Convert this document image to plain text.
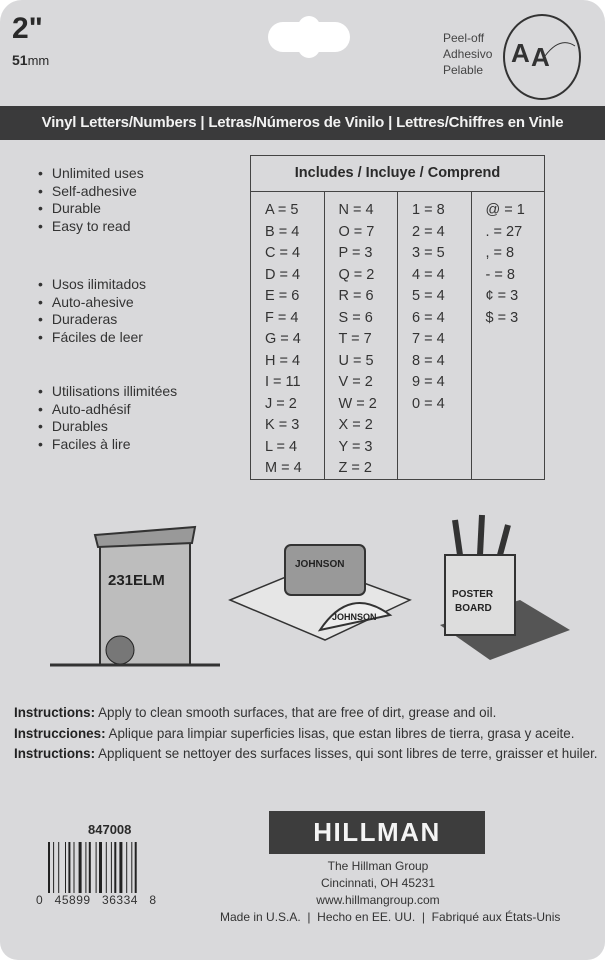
2"
51mm
Peel-off
Adhesivo
Pelable
A A
Vinyl Letters/Numbers | Letras/Números de Vinilo | Lettres/Chiffres en Vinle
• Unlimited uses
• Self-adhesive
• Durable
• Easy to read
• Usos ilimitados
• Auto-ahesive
• Duraderas
• Fáciles de leer
• Utilisations illimitées
• Auto-adhésif
• Durables
• Faciles à lire
Includes / Incluye / Comprend
A = 5
B = 4
C = 4
D = 4
E = 6
F = 4
G = 4
H = 4
I = 11
J = 2
K = 3
L = 4
M = 4
N = 4
O = 7
P = 3
Q = 2
R = 6
S = 6
T = 7
U = 5
V = 2
W = 2
X = 2
Y = 3
Z = 2
1 = 8
2 = 4
3 = 5
4 = 4
5 = 4
6 = 4
7 = 4
8 = 4
9 = 4
0 = 4
@ = 1
. = 27
, = 8
- = 8
¢ = 3
$ = 3
231ELM
JOHNSON
JOHNSON
POSTER
BOARD
Instructions: Apply to clean smooth surfaces, that are free of dirt, grease and oil.
Instrucciones: Aplique para limpiar superficies lisas, que estan libres de tierra, grasa y aceite.
Instructions: Appliquent se nettoyer des surfaces lisses, qui sont libres de terre, graisser et huiler.
847008
0   45899   36334   8
HILLMAN
The Hillman Group
Cincinnati, OH 45231
www.hillmangroup.com
Made in U.S.A.  |  Hecho en EE. UU.  |  Fabriqué aux États-Unis
